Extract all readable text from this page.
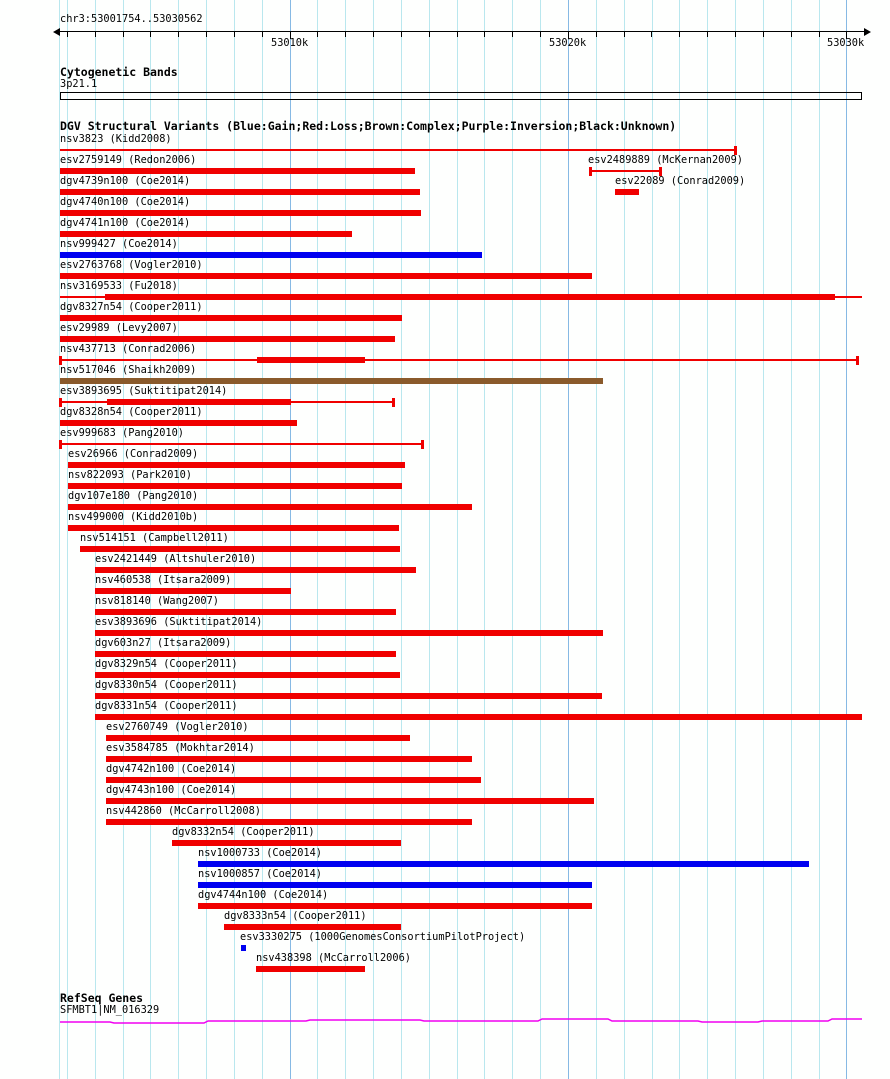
chr3:53001754..53030562
53010k	53020k	53030k
Cytogenetic Bands
3p21.1
DGV Structural Variants (Blue:Gain;Red:Loss;Brown:Complex;Purple:Inversion;Black:Unknown)
nsv3823 (Kidd2008)
esv2759149 (Redon2006)	esv2489889 (McKernan2009)
dgv4739n100 (Coe2014)	esv22089 (Conrad2009)
dgv4740n100 (Coe2014)
dgv4741n100 (Coe2014)
nsv999427 (Coe2014)
esv2763768 (Vogler2010)
nsv3169533 (Fu2018)
dgv8327n54 (Cooper2011)
esv29989 (Levy2007)
nsv437713 (Conrad2006)
nsv517046 (Shaikh2009)
esv3893695 (Suktitipat2014)
dgv8328n54 (Cooper2011)
esv999683 (Pang2010)
esv26966 (Conrad2009)
nsv822093 (Park2010)
dgv107e180 (Pang2010)
nsv499000 (Kidd2010b)
nsv514151 (Campbell2011)
esv2421449 (Altshuler2010)
nsv460538 (Itsara2009)
nsv818140 (Wang2007)
esv3893696 (Suktitipat2014)
dgv603n27 (Itsara2009)
dgv8329n54 (Cooper2011)
dgv8330n54 (Cooper2011)
dgv8331n54 (Cooper2011)
esv2760749 (Vogler2010)
esv3584785 (Mokhtar2014)
dgv4742n100 (Coe2014)
dgv4743n100 (Coe2014)
nsv442860 (McCarroll2008)
dgv8332n54 (Cooper2011)
nsv1000733 (Coe2014)
nsv1000857 (Coe2014)
dgv4744n100 (Coe2014)
dgv8333n54 (Cooper2011)
esv3330275 (1000GenomesConsortiumPilotProject)
nsv438398 (McCarroll2006)
RefSeq Genes
SFMBT1|NM_016329
